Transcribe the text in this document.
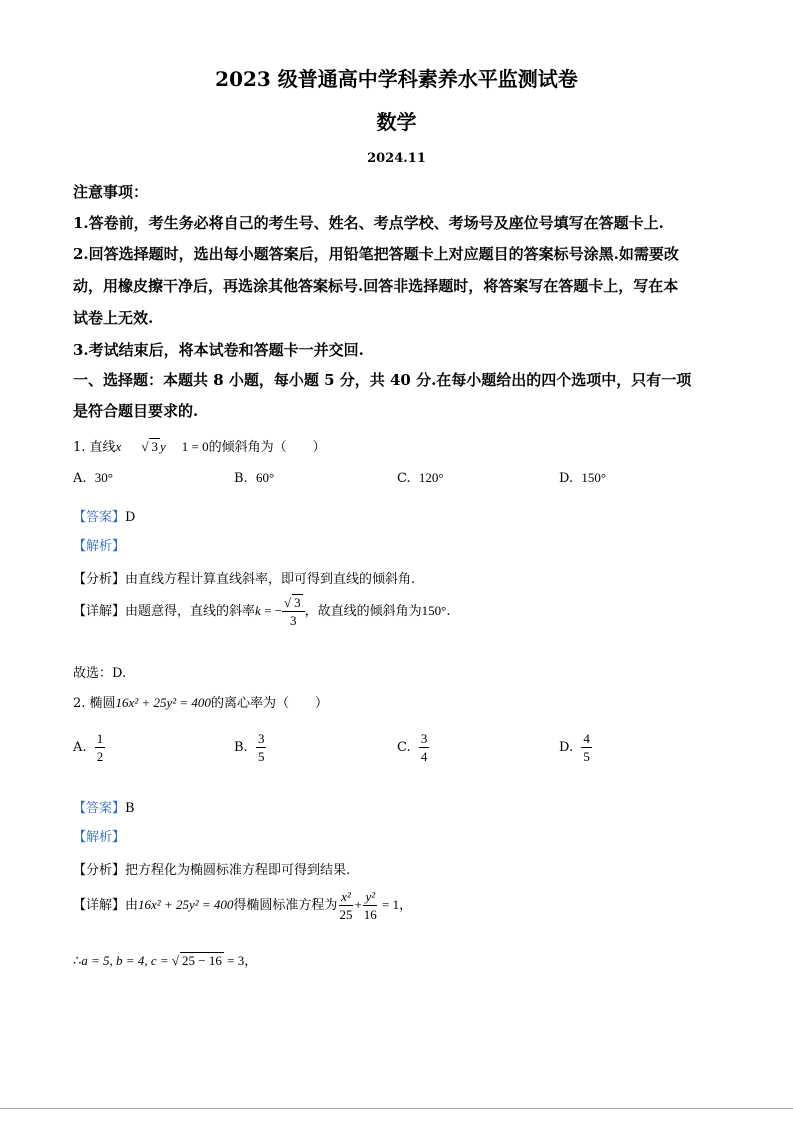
2023 级普通高中学科素养水平监测试卷
数学
2024.11
注意事项：
1.答卷前，考生务必将自己的考生号、姓名、考点学校、考场号及座位号填写在答题卡上.
2.回答选择题时，选出每小题答案后，用铅笔把答题卡上对应题目的答案标号涂黑.如需要改
动，用橡皮擦干净后，再选涂其他答案标号.回答非选择题时，将答案写在答题卡上，写在本
试卷上无效.
3.考试结束后，将本试卷和答题卡一并交回.
一、选择题：本题共 8 小题，每小题 5 分，共 40 分.在每小题给出的四个选项中，只有一项
是符合题目要求的.
1. 直线x √ 3 y 1 = 0的倾斜角为（　　）
A. 30°	B. 60°	C. 120°	D. 150°
【答案】D
【解析】
【分析】由直线方程计算直线斜率，即可得到直线的倾斜角.
【详解】由题意得，直线的斜率k = − $\frac{√ 3}{3}$ ，故直线的倾斜角为150°.
故选：D.
2. 椭圆16x² + 25y² = 400的离心率为（　　）
A. $\frac{1}{2}$	B. $\frac{3}{5}$	C. $\frac{3}{4}$	D. $\frac{4}{5}$
【答案】B
【解析】
【分析】把方程化为椭圆标准方程即可得到结果.
【详解】由16x² + 25y² = 400得椭圆标准方程为 $\frac{\text{x²}}{25} + \frac{\text{y²}}{16} = 1$，
∴a = 5, b = 4, c = √ 25 − 16 = 3，
